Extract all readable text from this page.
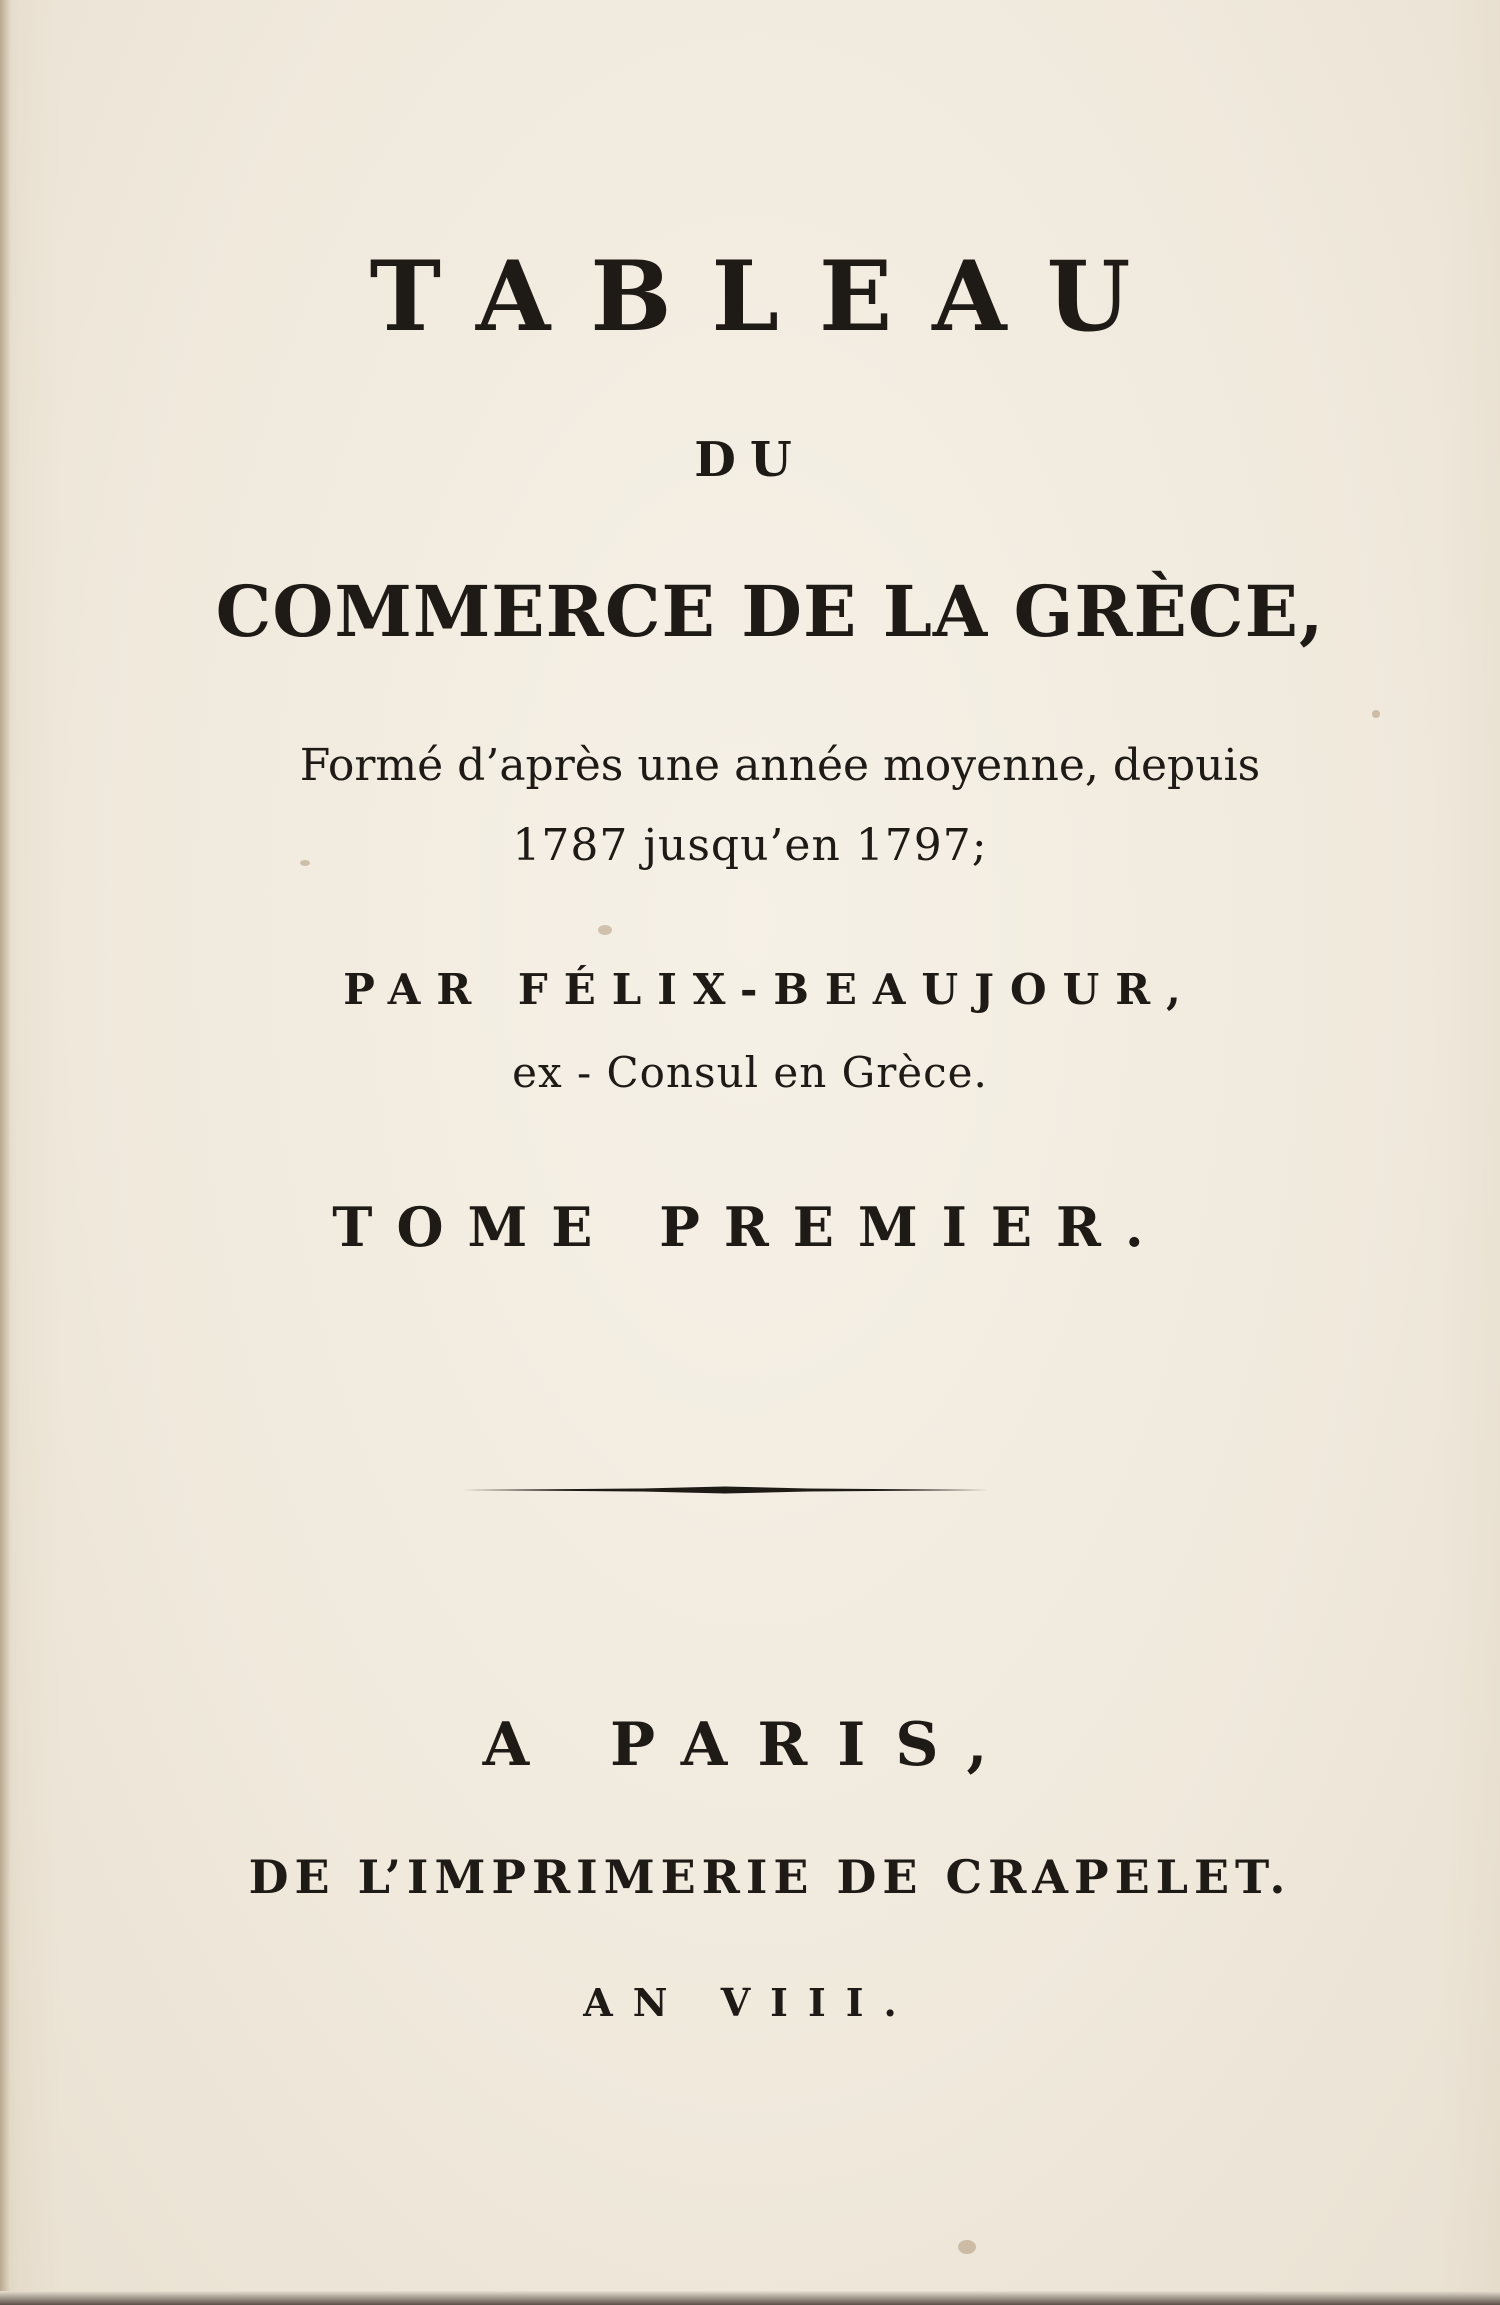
TABLEAU
DU
COMMERCE DE LA GRÈCE,
Formé d’après une année moyenne, depuis
1787 jusqu’en 1797;
PAR FÉLIX-BEAUJOUR,
ex - Consul en Grèce.
TOME PREMIER.
A PARIS,
DE L’IMPRIMERIE DE CRAPELET.
AN VIII.
